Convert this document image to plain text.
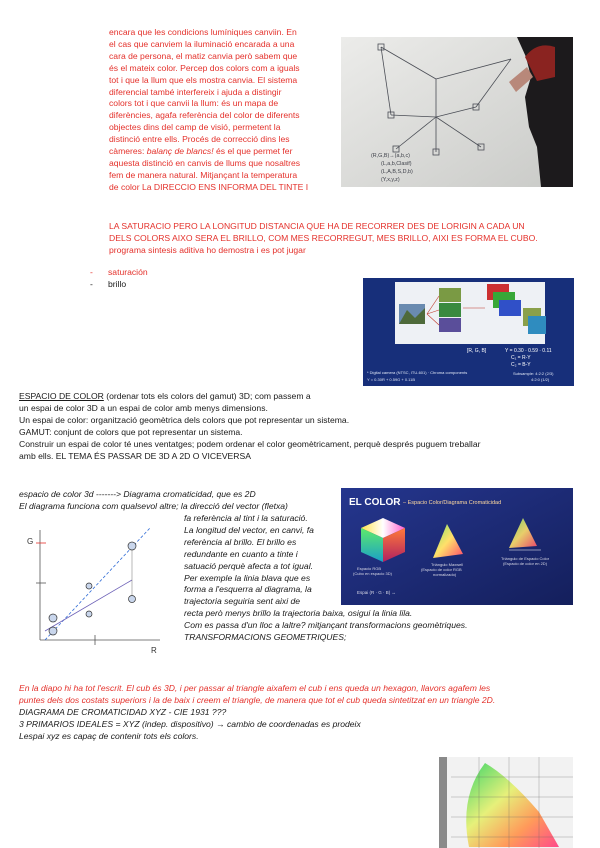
encara que les condicions lumíniques canviin. En
el cas que canviem la iluminació encarada a una
cara de persona, el matiz canvia però sabem que
és el mateix color. Percep dos colors com a iguals
tot i que la llum que els mostra canvia. El sistema
diferencial també interfereix i ajuda a distingir
colors tot i que canvii la llum: és un mapa de
diferències, agafa referència del color de diferents
objectes dins del camp de visió, permetent la
distinció entre ells. Procés de correcció dins les
càmeres: balanç de blancs! és el que permet fer
aquesta distinció en canvis de llums que nosaltres
fem de manera natural. Mitjançant la temperatura
de color La DIRECCIO ENS INFORMA DEL TINTE I
LA SATURACIO PERO LA LONGITUD DISTANCIA QUE HA DE RECORRER DES DE LORIGIN A CADA UN
DELS COLORS AIXO SERA EL BRILLO, COM MES RECORREGUT, MES BRILLO, AIXI ES FORMA EL CUBO.
programa sintesis aditiva ho demostra i es pot jugar
- saturación
- brillo
(R,G,B)→(a,b,c)
(L,a,b,Clasif)
(L,A,B,S,D,b)
(Y,x,y,z)
[R, G, B]	Y = 0.30 · 0.59 · 0.11
C₁ = R-Y
C₂ = B-Y
* Digital camera (NTSC, ITU-601) · Chroma components
Y = 0.30R + 0.59G + 0.11B
Subsample: 4:2:2 (2/3)
4:2:0 (1/2)
ESPACIO DE COLOR (ordenar tots els colors del gamut) 3D; com passem a
un espai de color 3D a un espai de color amb menys dimensions.
Un espai de color: organització geomètrica dels colors que pot representar un sistema.
GAMUT: conjunt de colors que pot representar un sistema.
Construir un espai de color té unes ventatges; podem ordenar el color geomètricament, perquè després puguem treballar
amb ells. EL TEMA ÉS PASSAR DE 3D A 2D O VICEVERSA
espacio de color 3d -------> Diagrama cromaticidad, que es 2D
El diagrama funciona com qualsevol altre; la direcció del vector (fletxa)
fa referència al tint i la saturació.
La longitud del vector, en canvi, fa
referència al brillo. El brillo es
redundante en cuanto a tinte i
satuació perquè afecta a tot igual.
Per exemple la linia blava que es
forma a l'esquerra al diagrama, la
trajectoria seguiria sent aixi de
recta però menys brillo la trajectoria baixa, osigui la linia lila.
Com es passa d'un lloc a laltre? mitjançant transformacions geomètriques.
TRANSFORMACIONS GEOMETRIQUES;
G
R
EL COLOR – Espacio Color/Diagrama Cromaticidad
Espacio RGB (Cubo en espacio 3D)
Triángulo Maxwell (Espacio de color RGB normalizado)
Triángulo de Espacio Color (Espacio de color en 2D)
Espai (R · G · B) ↔
En la diapo hi ha tot l'escrit. El cub és 3D, i per passar al triangle aixafem el cub i ens queda un hexagon, llavors agafem les
puntes dels dos costats superiors i la de baix i creem el triangle, de manera que tot el cub queda sintetitzat en un triangle 2D.
DIAGRAMA DE CROMATICIDAD XYZ - CIE 1931 ???
3 PRIMARIOS IDEALES = XYZ (indep. dispositivo) → cambio de coordenadas es prodeix
Lespai xyz es capaç de contenir tots els colors.
